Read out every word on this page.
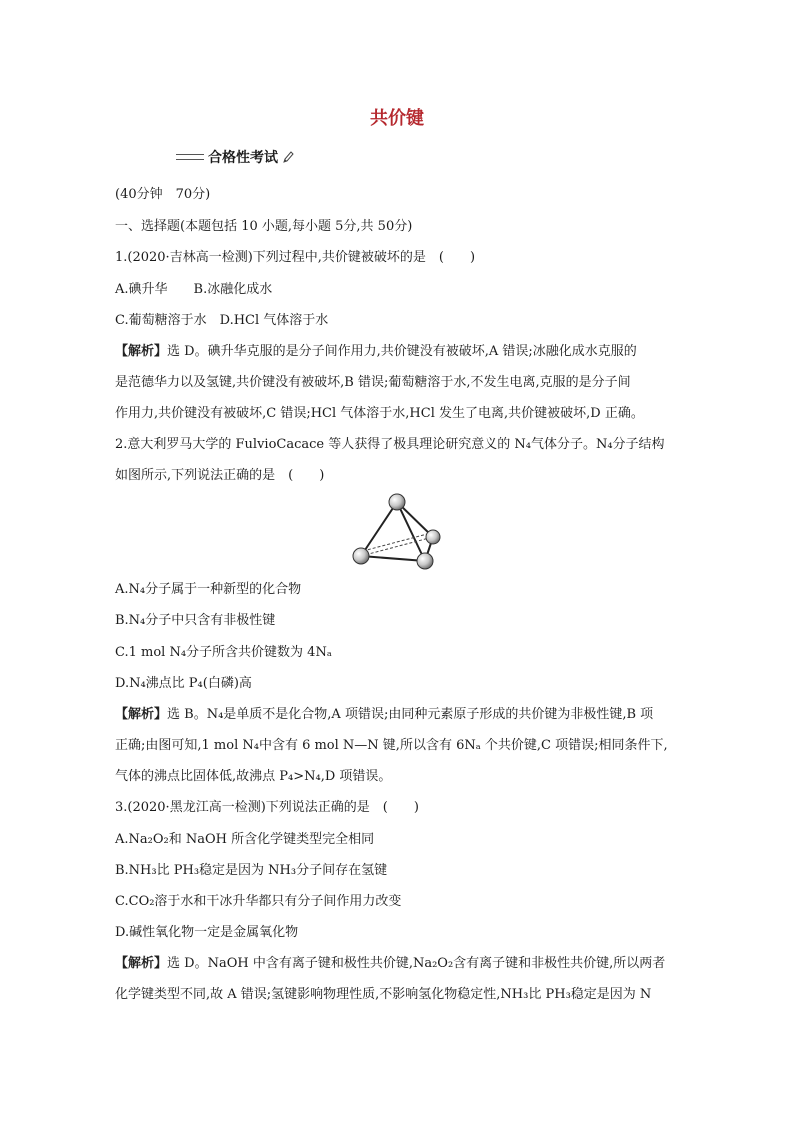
共价键
合格性考试
(40分钟　70分)
一、选择题(本题包括 10 小题,每小题 5分,共 50分)
1.(2020·吉林高一检测)下列过程中,共价键被破坏的是　(　　)
A.碘升华　　B.冰融化成水
C.葡萄糖溶于水　D.HCl 气体溶于水
【解析】选 D。碘升华克服的是分子间作用力,共价键没有被破坏,A 错误;冰融化成水克服的
是范德华力以及氢键,共价键没有被破坏,B 错误;葡萄糖溶于水,不发生电离,克服的是分子间
作用力,共价键没有被破坏,C 错误;HCl 气体溶于水,HCl 发生了电离,共价键被破坏,D 正确。
2.意大利罗马大学的 FulvioCacace 等人获得了极具理论研究意义的 N₄气体分子。N₄分子结构
如图所示,下列说法正确的是　(　　)
A.N₄分子属于一种新型的化合物
B.N₄分子中只含有非极性键
C.1 mol N₄分子所含共价键数为 4Nₐ
D.N₄沸点比 P₄(白磷)高
【解析】选 B。N₄是单质不是化合物,A 项错误;由同种元素原子形成的共价键为非极性键,B 项
正确;由图可知,1 mol N₄中含有 6 mol N—N 键,所以含有 6Nₐ 个共价键,C 项错误;相同条件下,
气体的沸点比固体低,故沸点 P₄>N₄,D 项错误。
3.(2020·黑龙江高一检测)下列说法正确的是　(　　)
A.Na₂O₂和 NaOH 所含化学键类型完全相同
B.NH₃比 PH₃稳定是因为 NH₃分子间存在氢键
C.CO₂溶于水和干冰升华都只有分子间作用力改变
D.碱性氧化物一定是金属氧化物
【解析】选 D。NaOH 中含有离子键和极性共价键,Na₂O₂含有离子键和非极性共价键,所以两者
化学键类型不同,故 A 错误;氢键影响物理性质,不影响氢化物稳定性,NH₃比 PH₃稳定是因为 N
